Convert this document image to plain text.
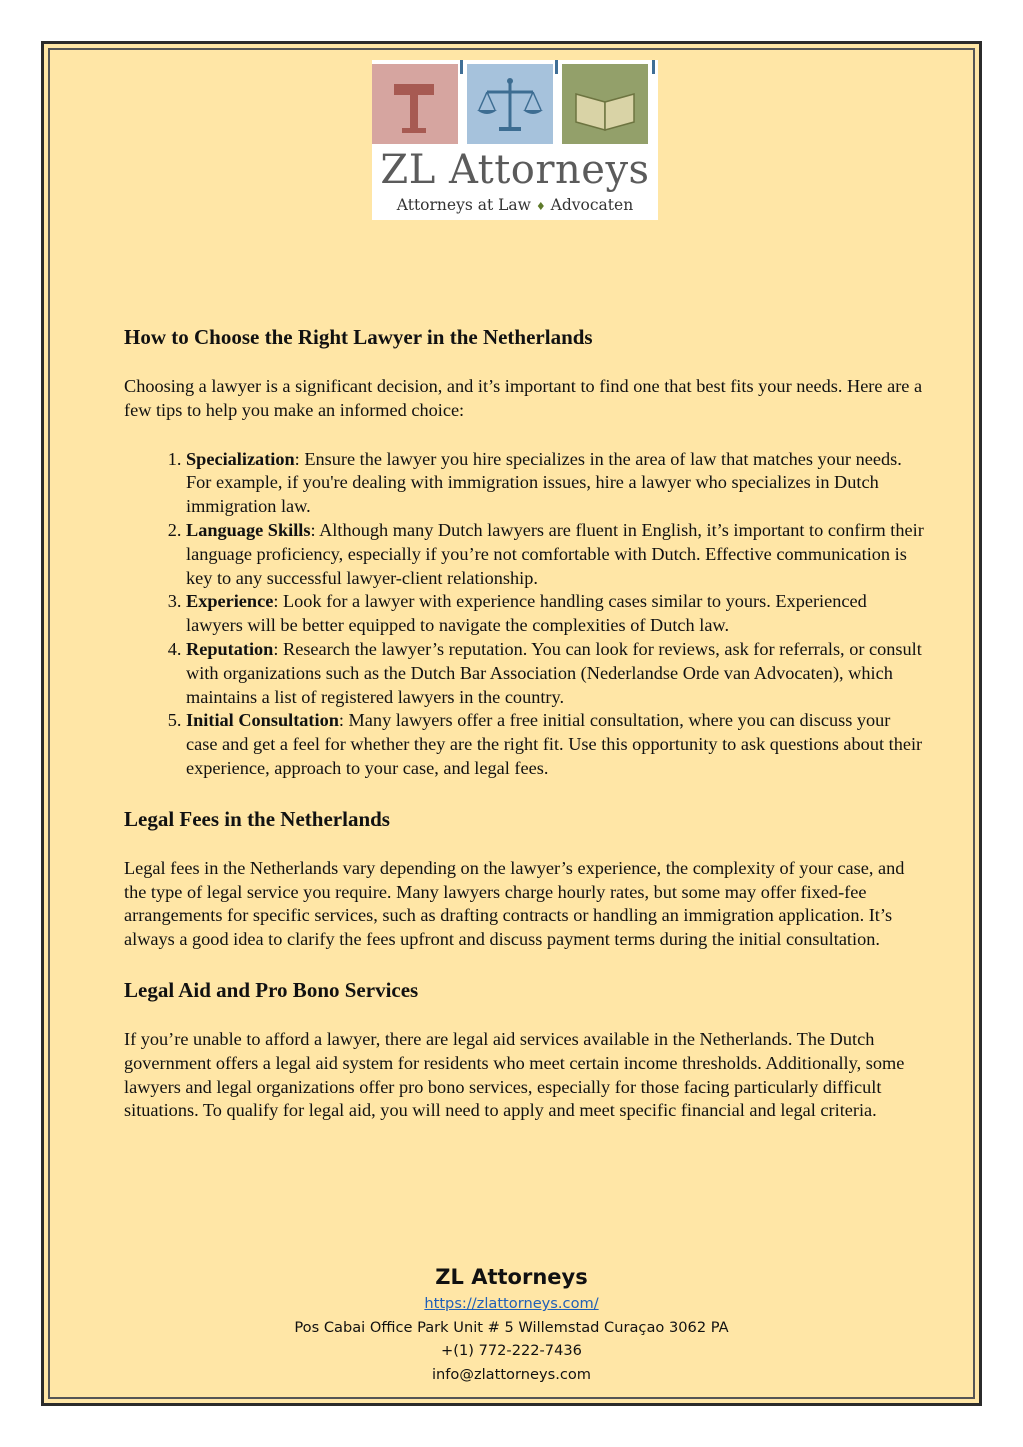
ZL Attorneys
Attorneys at Law ♦ Advocaten
How to Choose the Right Lawyer in the Netherlands

Choosing a lawyer is a significant decision, and it’s important to find one that best fits your needs. Here are a few tips to help you make an informed choice:

1. Specialization: Ensure the lawyer you hire specializes in the area of law that matches your needs. For example, if you're dealing with immigration issues, hire a lawyer who specializes in Dutch immigration law.
2. Language Skills: Although many Dutch lawyers are fluent in English, it’s important to confirm their language proficiency, especially if you’re not comfortable with Dutch. Effective communication is key to any successful lawyer-client relationship.
3. Experience: Look for a lawyer with experience handling cases similar to yours. Experienced lawyers will be better equipped to navigate the complexities of Dutch law.
4. Reputation: Research the lawyer’s reputation. You can look for reviews, ask for referrals, or consult with organizations such as the Dutch Bar Association (Nederlandse Orde van Advocaten), which maintains a list of registered lawyers in the country.
5. Initial Consultation: Many lawyers offer a free initial consultation, where you can discuss your case and get a feel for whether they are the right fit. Use this opportunity to ask questions about their experience, approach to your case, and legal fees.
Legal Fees in the Netherlands

Legal fees in the Netherlands vary depending on the lawyer’s experience, the complexity of your case, and the type of legal service you require. Many lawyers charge hourly rates, but some may offer fixed-fee arrangements for specific services, such as drafting contracts or handling an immigration application. It’s always a good idea to clarify the fees upfront and discuss payment terms during the initial consultation.

Legal Aid and Pro Bono Services

If you’re unable to afford a lawyer, there are legal aid services available in the Netherlands. The Dutch government offers a legal aid system for residents who meet certain income thresholds. Additionally, some lawyers and legal organizations offer pro bono services, especially for those facing particularly difficult situations. To qualify for legal aid, you will need to apply and meet specific financial and legal criteria.

ZL Attorneys
https://zlattorneys.com/
Pos Cabai Office Park Unit # 5 Willemstad Curaçao 3062 PA
+(1) 772-222-7436
info@zlattorneys.com
